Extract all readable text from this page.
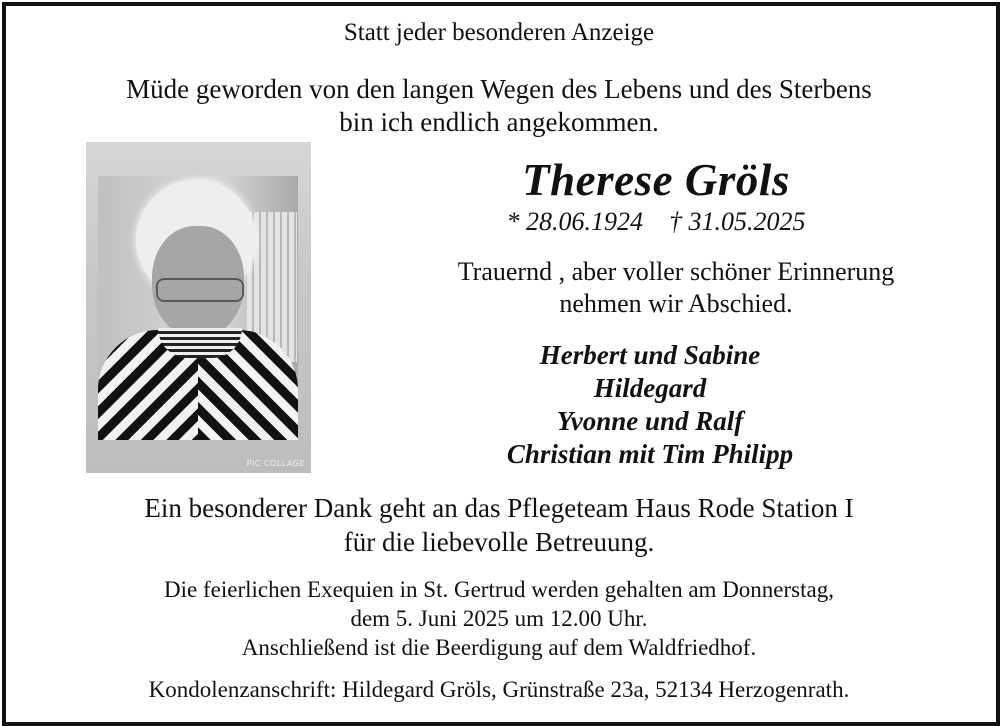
Statt jeder besonderen Anzeige
Müde geworden von den langen Wegen des Lebens und des Sterbens
bin ich endlich angekommen.
PIC·COLLAGE
Therese Gröls
* 28.06.1924    † 31.05.2025
Trauernd , aber voller schöner Erinnerung
nehmen wir Abschied.
Herbert und Sabine
Hildegard
Yvonne und Ralf
Christian mit Tim Philipp
Ein besonderer Dank geht an das Pflegeteam Haus Rode Station I
für die liebevolle Betreuung.
Die feierlichen Exequien in St. Gertrud werden gehalten am Donnerstag,
dem 5. Juni 2025 um 12.00 Uhr.
Anschließend ist die Beerdigung auf dem Waldfriedhof.
Kondolenzanschrift: Hildegard Gröls, Grünstraße 23a, 52134 Herzogenrath.
